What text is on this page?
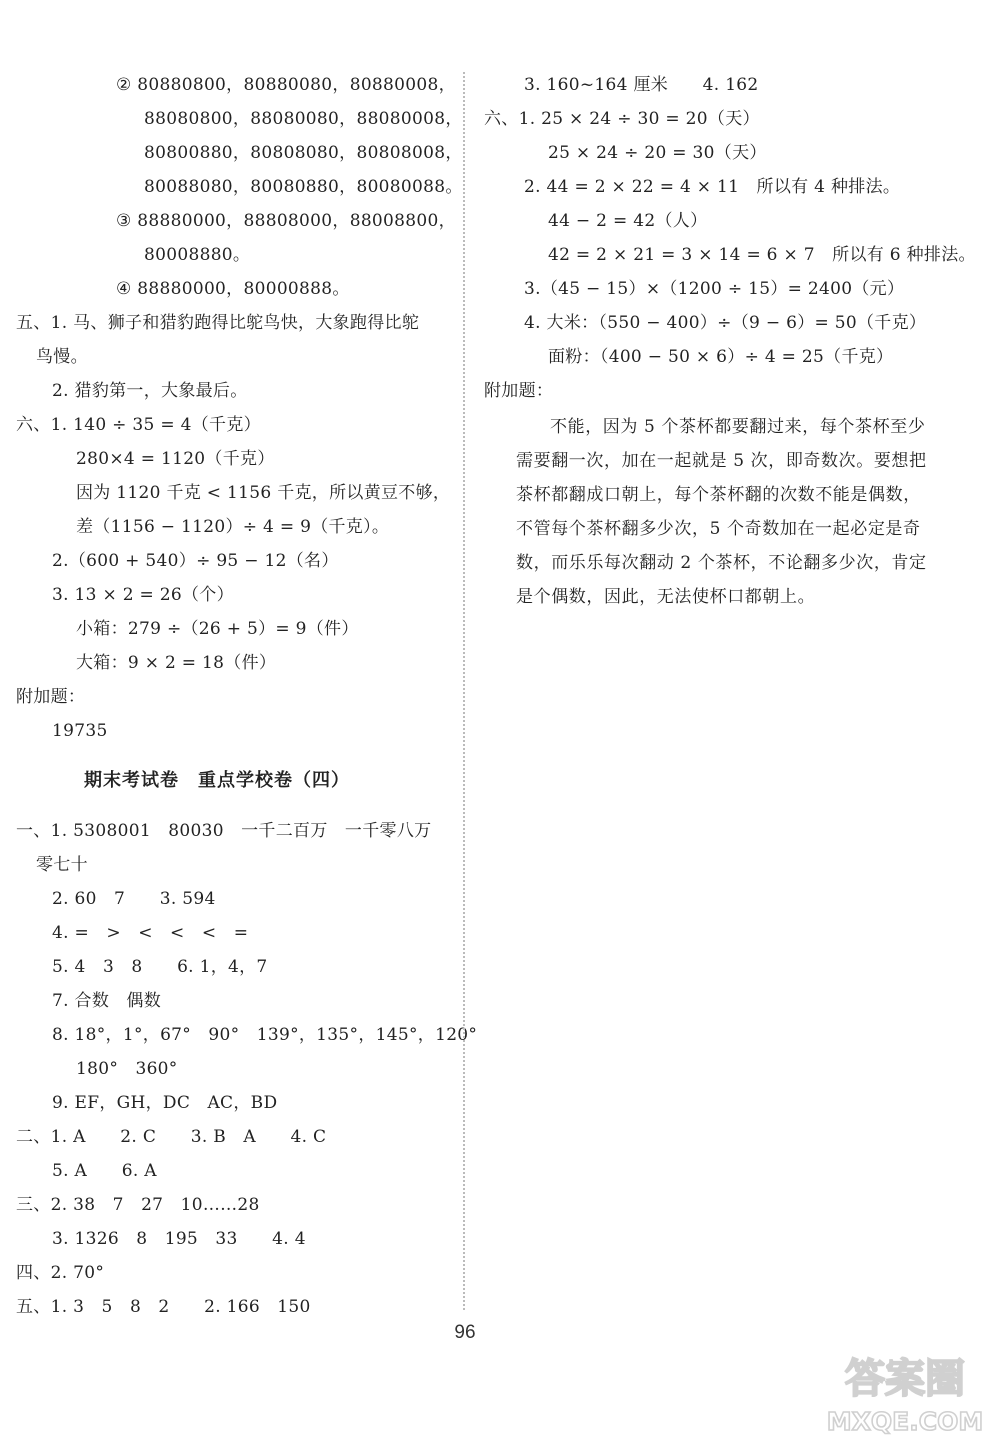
② 80880800，80880080，80880008，
88080800，88080080，88080008，
80800880，80808080，80808008，
80088080，80080880，80080088。
③ 88880000，88808000，88008800，
80008880。
④ 88880000，80000888。
五、1. 马、狮子和猎豹跑得比鸵鸟快，大象跑得比鸵
鸟慢。
2. 猎豹第一，大象最后。
六、1. 140 ÷ 35 = 4（千克）
280×4 = 1120（千克）
因为 1120 千克 < 1156 千克，所以黄豆不够，
差（1156 − 1120）÷ 4 = 9（千克）。
2.（600 + 540）÷ 95 − 12（名）
3. 13 × 2 = 26（个）
小箱：279 ÷（26 + 5）= 9（件）
大箱：9 × 2 = 18（件）
附加题：
19735
期末考试卷　重点学校卷（四）
一、1. 5308001　80030　一千二百万　一千零八万
零七十
2. 60　7　　3. 594
4. =　>　<　<　<　=
5. 4　3　8　　6. 1，4，7
7. 合数　偶数
8. 18°，1°，67°　90°　139°，135°，145°，120°
180°　360°
9. EF，GH，DC　AC，BD
二、1. A　　2. C　　3. B　A　　4. C
5. A　　6. A
三、2. 38　7　27　10……28
3. 1326　8　195　33　　4. 4
四、2. 70°
五、1. 3　5　8　2　　2. 166　150
3. 160~164 厘米　　4. 162
六、1. 25 × 24 ÷ 30 = 20（天）
25 × 24 ÷ 20 = 30（天）
2. 44 = 2 × 22 = 4 × 11　所以有 4 种排法。
44 − 2 = 42（人）
42 = 2 × 21 = 3 × 14 = 6 × 7　所以有 6 种排法。
3.（45 − 15）×（1200 ÷ 15）= 2400（元）
4. 大米：（550 − 400）÷（9 − 6）= 50（千克）
面粉：（400 − 50 × 6）÷ 4 = 25（千克）
附加题：
不能，因为 5 个茶杯都要翻过来，每个茶杯至少需要翻一次，加在一起就是 5 次，即奇数次。要想把茶杯都翻成口朝上，每个茶杯翻的次数不能是偶数，不管每个茶杯翻多少次，5 个奇数加在一起必定是奇数，而乐乐每次翻动 2 个茶杯，不论翻多少次，肯定是个偶数，因此，无法使杯口都朝上。
96
答案圈
MXQE.COM
